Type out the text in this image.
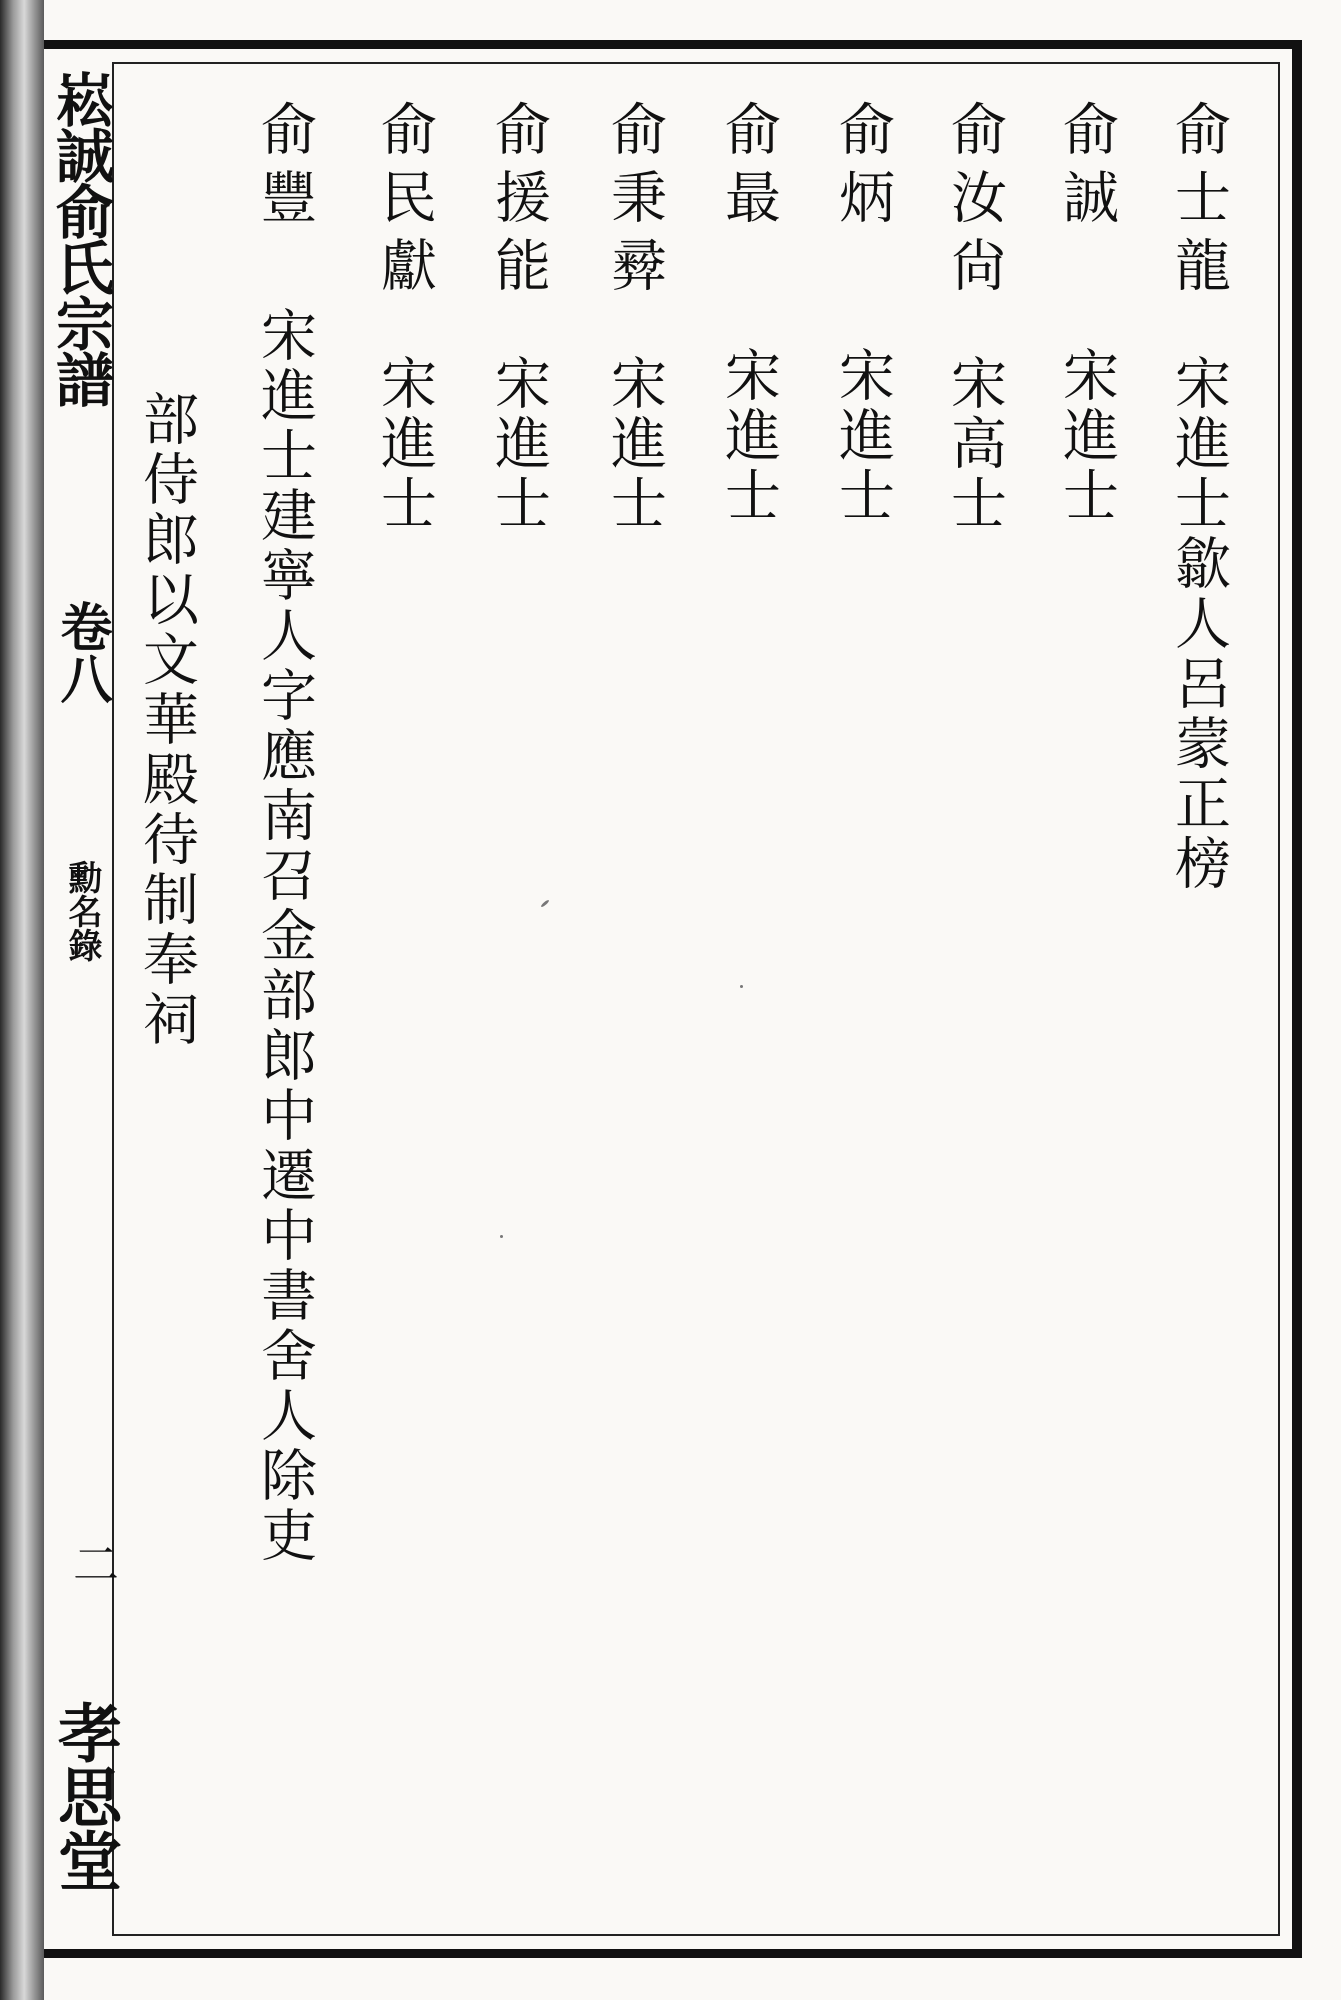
崧誠俞氏宗譜
卷八
勳名錄
二
孝思堂
俞士龍宋進士歙人呂蒙正榜
俞誠宋進士
俞汝尙宋高士
俞炳宋進士
俞最宋進士
俞秉彛宋進士
俞援能宋進士
俞民獻宋進士
俞豐宋進士建寧人字應南召金部郎中遷中書舍人除吏
部侍郎以文華殿待制奉祠
